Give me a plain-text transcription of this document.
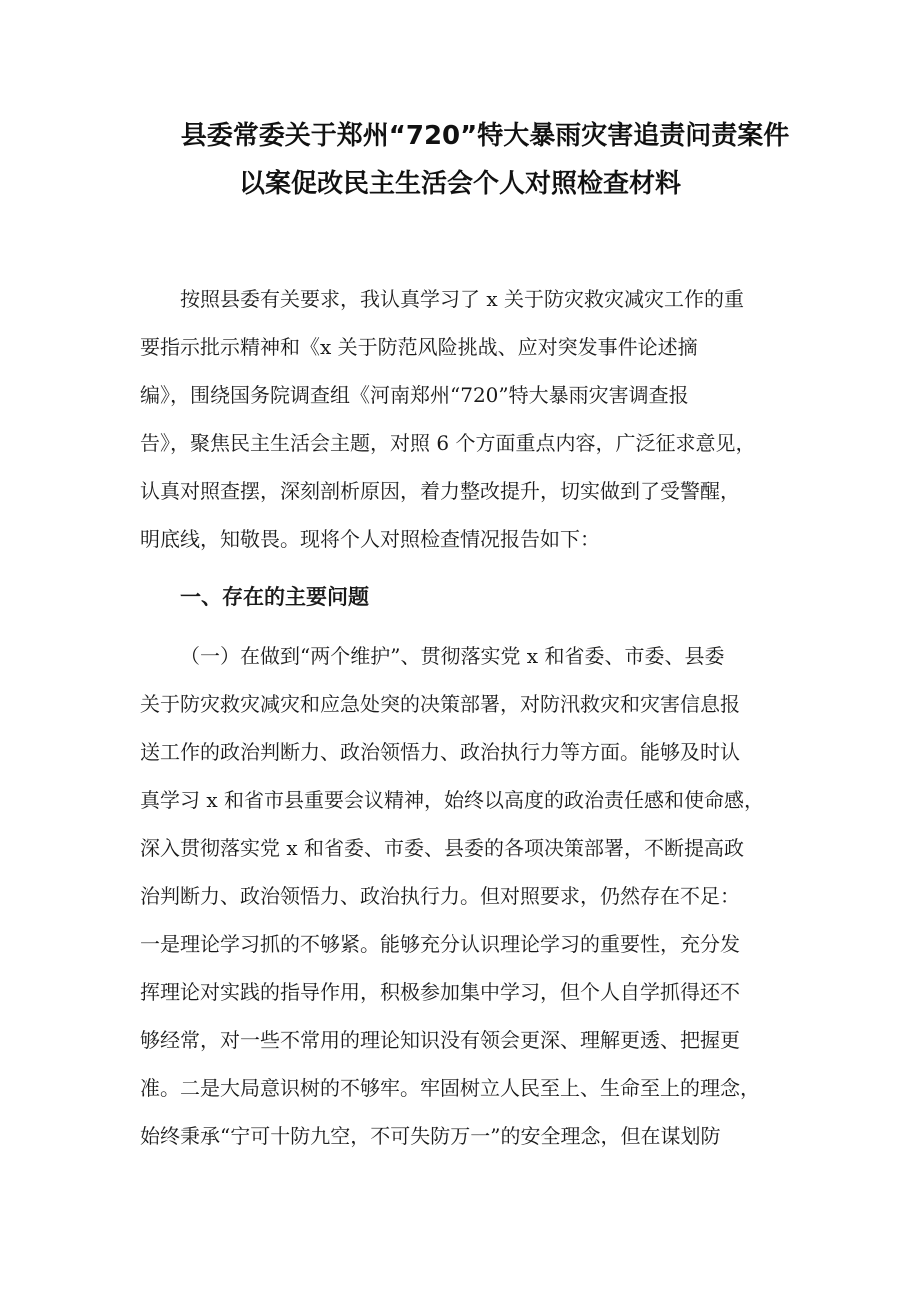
县委常委关于郑州“720”特大暴雨灾害追责问责案件
以案促改民主生活会个人对照检查材料
按照县委有关要求，我认真学习了 x 关于防灾救灾减灾工作的重
要指示批示精神和《x 关于防范风险挑战、应对突发事件论述摘
编》，围绕国务院调查组《河南郑州“720”特大暴雨灾害调查报
告》，聚焦民主生活会主题，对照 6 个方面重点内容，广泛征求意见，
认真对照查摆，深刻剖析原因，着力整改提升，切实做到了受警醒，
明底线，知敬畏。现将个人对照检查情况报告如下：
一、存在的主要问题
（一）在做到“两个维护”、贯彻落实党 x 和省委、市委、县委
关于防灾救灾减灾和应急处突的决策部署，对防汛救灾和灾害信息报
送工作的政治判断力、政治领悟力、政治执行力等方面。能够及时认
真学习 x 和省市县重要会议精神，始终以高度的政治责任感和使命感，
深入贯彻落实党 x 和省委、市委、县委的各项决策部署，不断提高政
治判断力、政治领悟力、政治执行力。但对照要求，仍然存在不足：
一是理论学习抓的不够紧。能够充分认识理论学习的重要性，充分发
挥理论对实践的指导作用，积极参加集中学习，但个人自学抓得还不
够经常，对一些不常用的理论知识没有领会更深、理解更透、把握更
准。二是大局意识树的不够牢。牢固树立人民至上、生命至上的理念，
始终秉承“宁可十防九空，不可失防万一”的安全理念，但在谋划防
